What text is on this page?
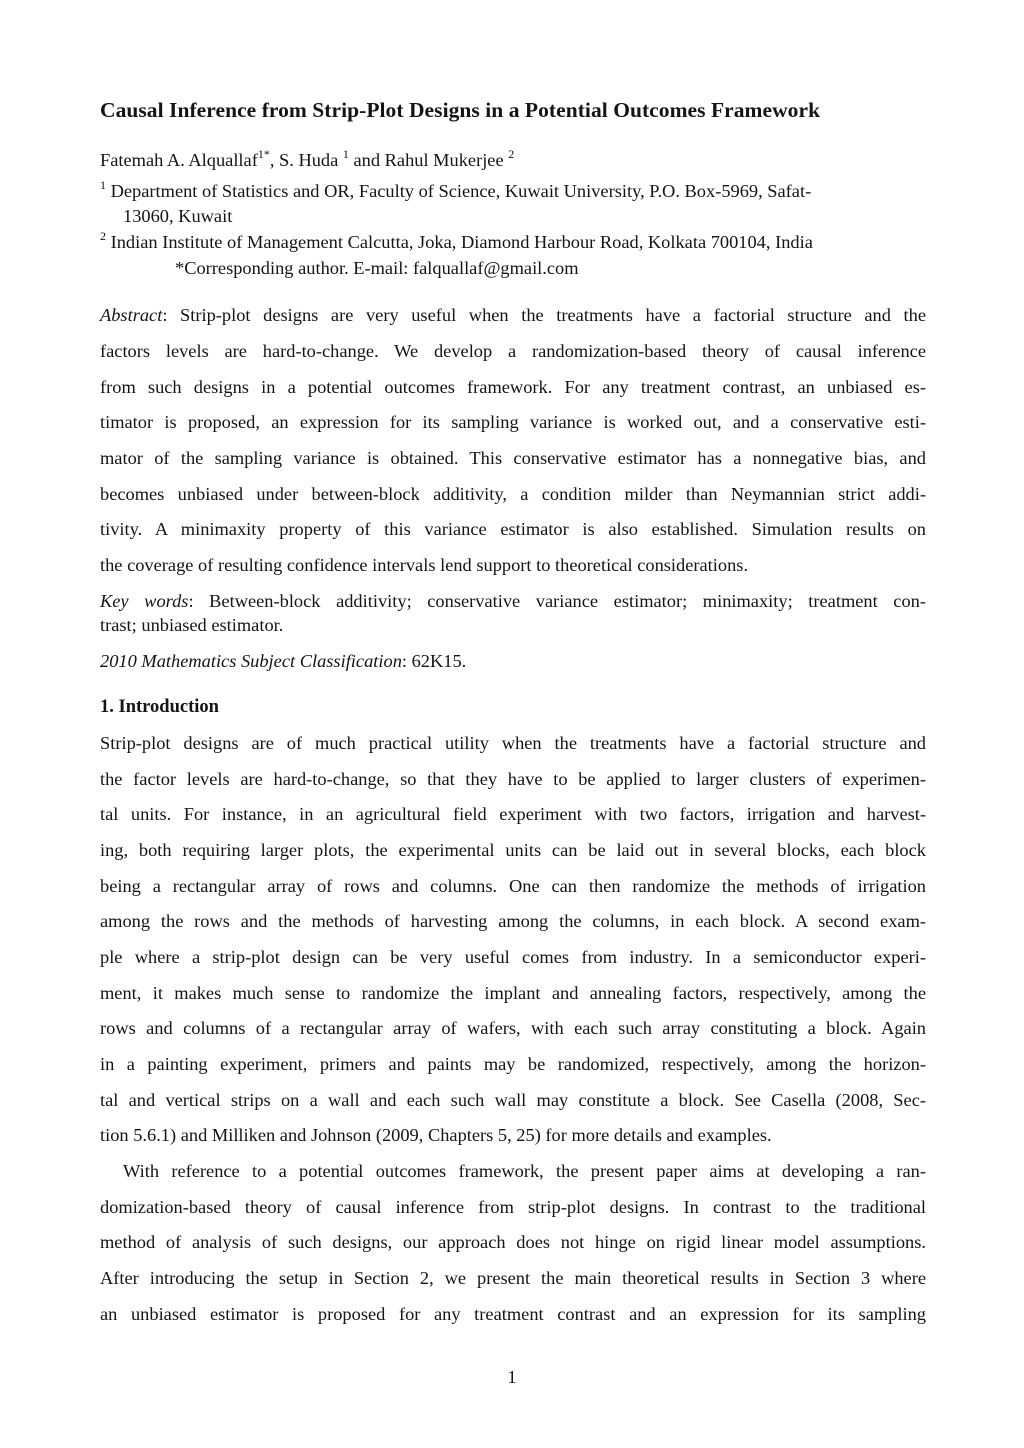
Causal Inference from Strip-Plot Designs in a Potential Outcomes Framework
Fatemah A. Alquallaf$^{1*}$, S. Huda $^1$ and Rahul Mukerjee $^2$
$^1$ Department of Statistics and OR, Faculty of Science, Kuwait University, P.O. Box-5969, Safat-
13060, Kuwait
$^2$ Indian Institute of Management Calcutta, Joka, Diamond Harbour Road, Kolkata 700104, India
*Corresponding author. E-mail: falquallaf@gmail.com
Abstract: Strip-plot designs are very useful when the treatments have a factorial structure and the
factors levels are hard-to-change. We develop a randomization-based theory of causal inference
from such designs in a potential outcomes framework. For any treatment contrast, an unbiased es-
timator is proposed, an expression for its sampling variance is worked out, and a conservative esti-
mator of the sampling variance is obtained. This conservative estimator has a nonnegative bias, and
becomes unbiased under between-block additivity, a condition milder than Neymannian strict addi-
tivity. A minimaxity property of this variance estimator is also established. Simulation results on
the coverage of resulting confidence intervals lend support to theoretical considerations.
Key words: Between-block additivity; conservative variance estimator; minimaxity; treatment con-
trast; unbiased estimator.
2010 Mathematics Subject Classification: 62K15.
1. Introduction
Strip-plot designs are of much practical utility when the treatments have a factorial structure and
the factor levels are hard-to-change, so that they have to be applied to larger clusters of experimen-
tal units. For instance, in an agricultural field experiment with two factors, irrigation and harvest-
ing, both requiring larger plots, the experimental units can be laid out in several blocks, each block
being a rectangular array of rows and columns. One can then randomize the methods of irrigation
among the rows and the methods of harvesting among the columns, in each block. A second exam-
ple where a strip-plot design can be very useful comes from industry. In a semiconductor experi-
ment, it makes much sense to randomize the implant and annealing factors, respectively, among the
rows and columns of a rectangular array of wafers, with each such array constituting a block. Again
in a painting experiment, primers and paints may be randomized, respectively, among the horizon-
tal and vertical strips on a wall and each such wall may constitute a block. See Casella (2008, Sec-
tion 5.6.1) and Milliken and Johnson (2009, Chapters 5, 25) for more details and examples.
With reference to a potential outcomes framework, the present paper aims at developing a ran-
domization-based theory of causal inference from strip-plot designs. In contrast to the traditional
method of analysis of such designs, our approach does not hinge on rigid linear model assumptions.
After introducing the setup in Section 2, we present the main theoretical results in Section 3 where
an unbiased estimator is proposed for any treatment contrast and an expression for its sampling
1
